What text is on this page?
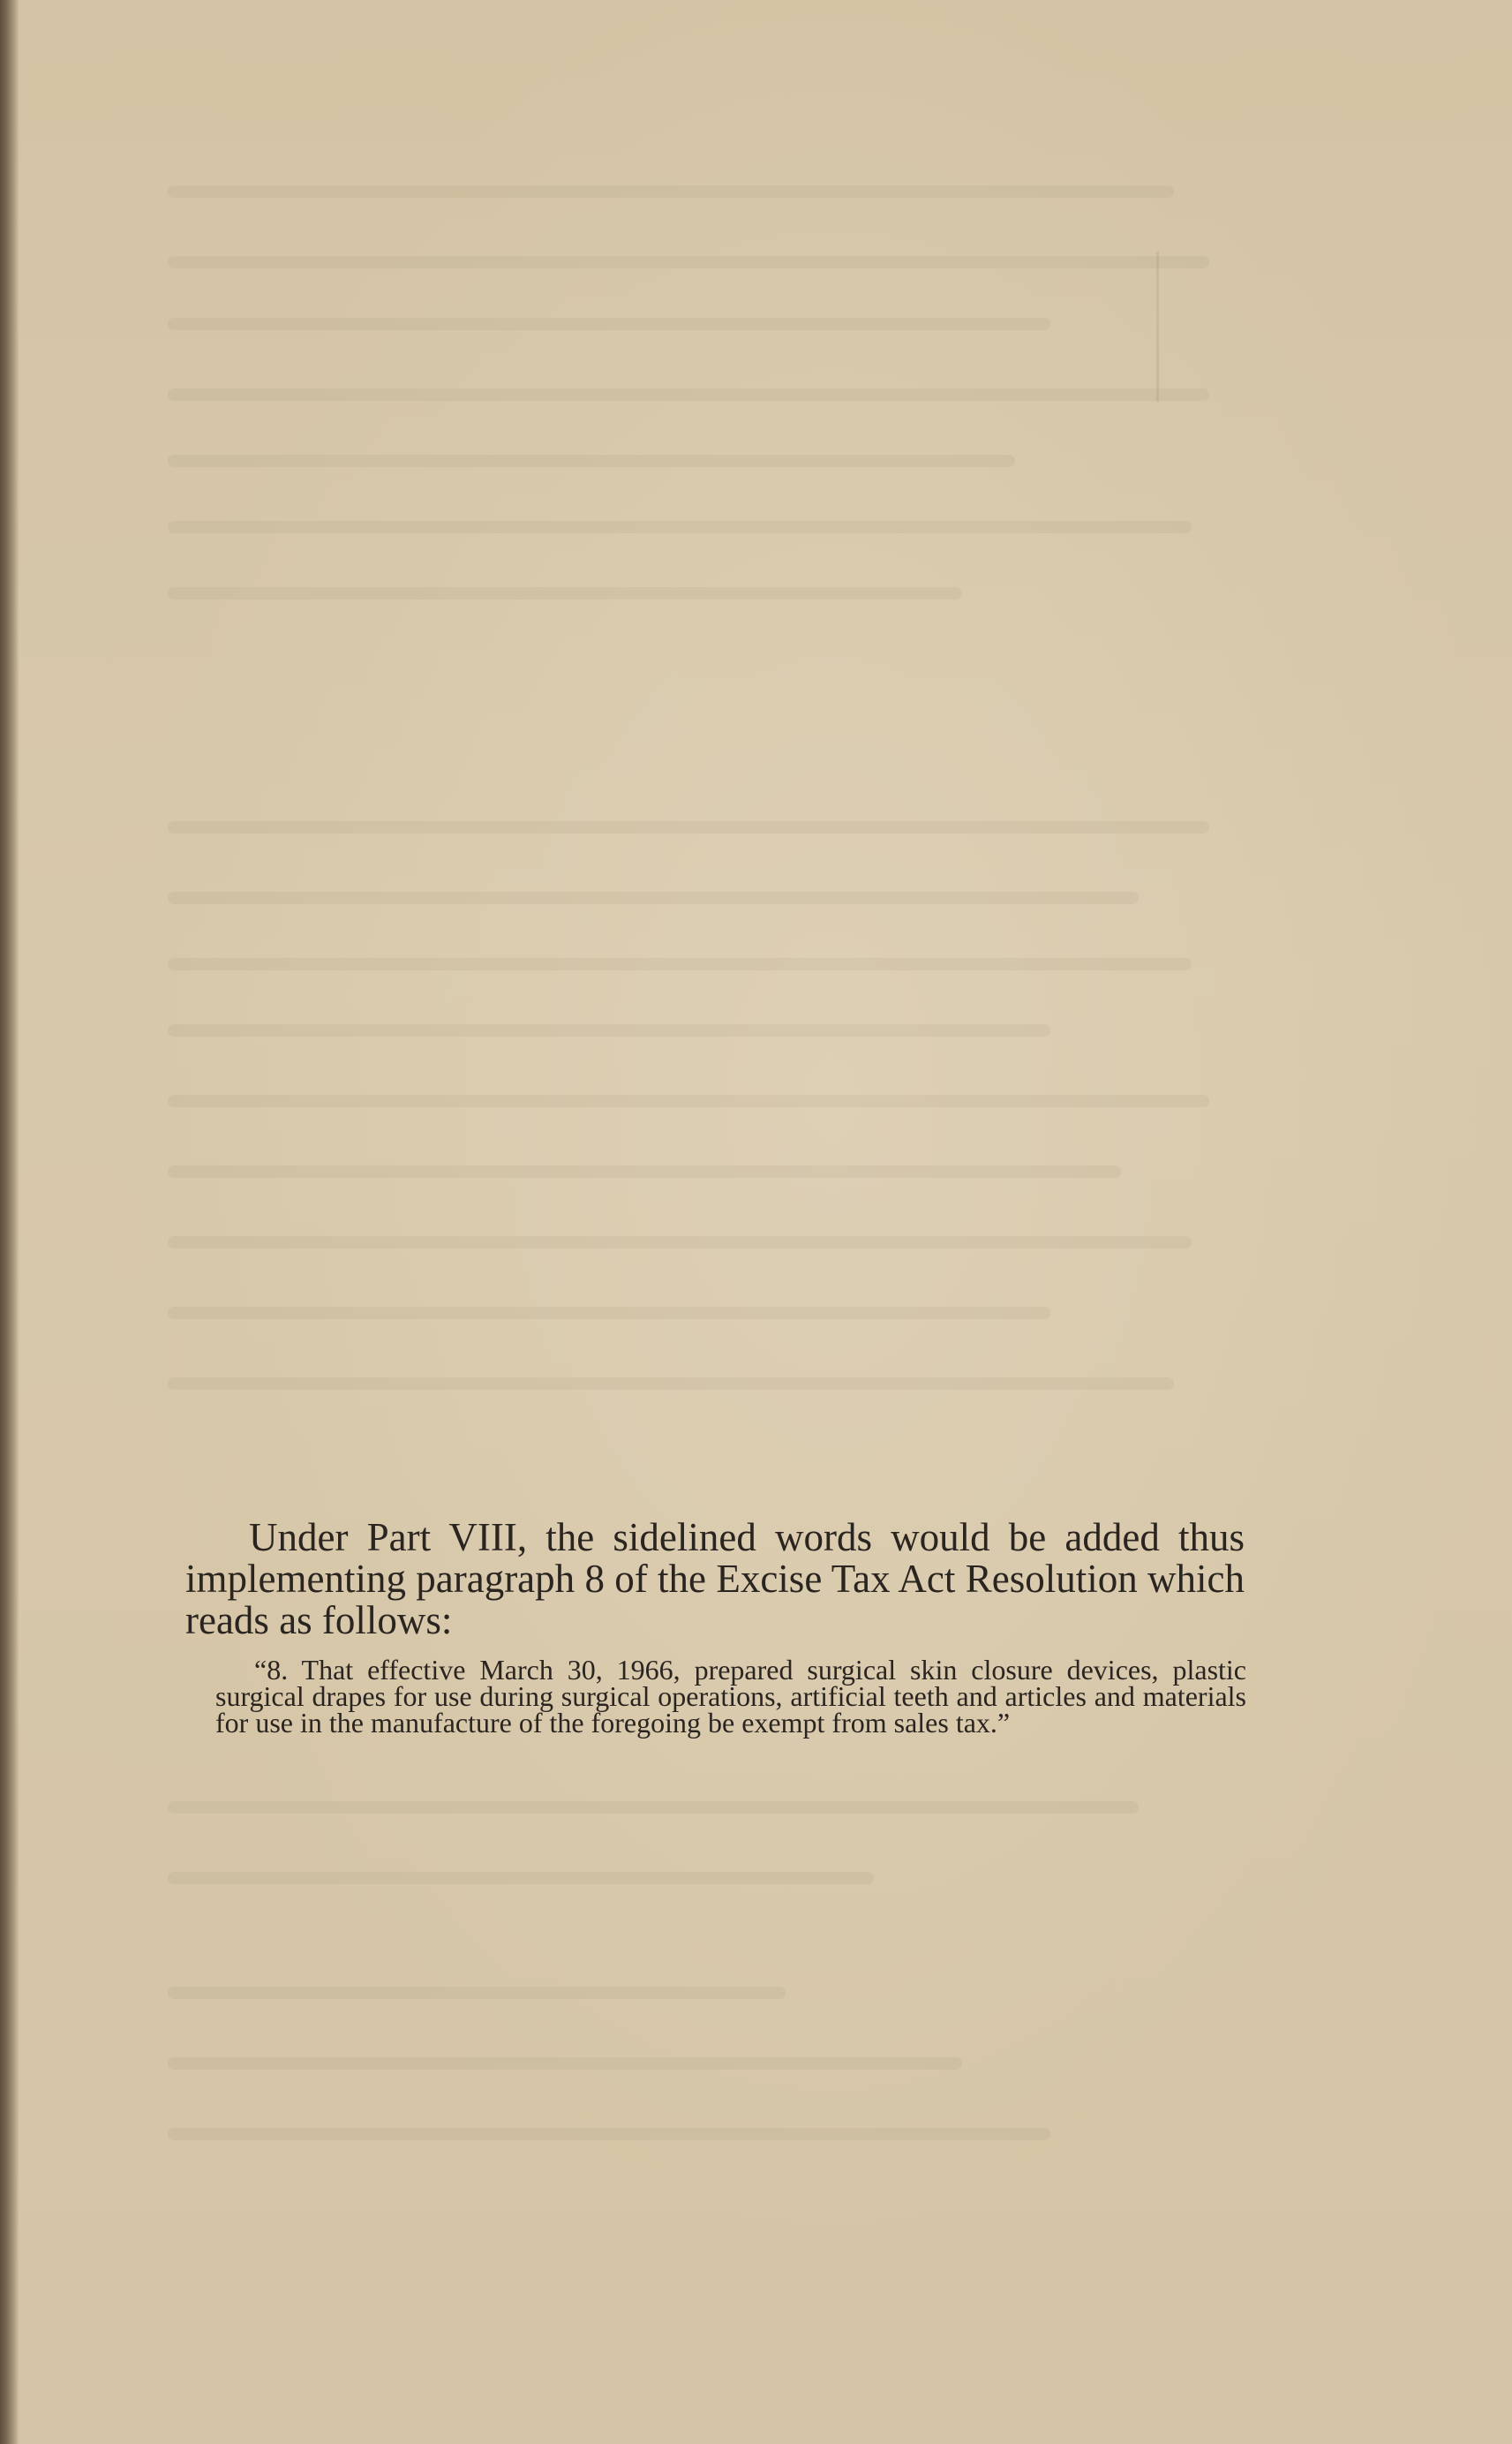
Under Part VIII, the sidelined words would be added thus implementing paragraph 8 of the Excise Tax Act Resolution which reads as follows:

“8. That effective March 30, 1966, prepared surgical skin closure devices, plastic surgical drapes for use during surgical operations, artificial teeth and articles and materials for use in the manufacture of the foregoing be exempt from sales tax.”
